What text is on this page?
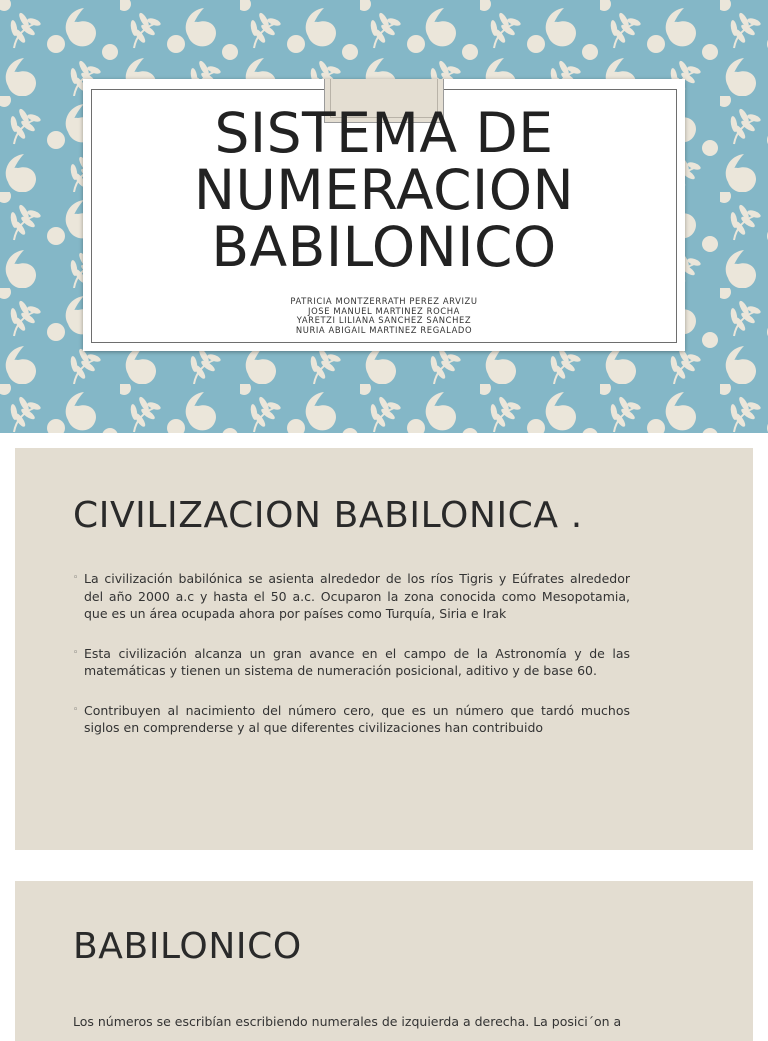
SISTEMA DE
NUMERACION
BABILONICO
PATRICIA MONTZERRATH PEREZ ARVIZU
JOSE MANUEL MARTINEZ ROCHA
YARETZI LILIANA SANCHEZ SANCHEZ
NURIA ABIGAIL MARTINEZ REGALADO
CIVILIZACION BABILONICA .
◦ La civilización babilónica se asienta alrededor de los ríos Tigris y Eúfrates alrededor del año 2000 a.c y hasta el 50 a.c. Ocuparon la zona conocida como Mesopotamia, que es un área ocupada ahora por países como Turquía, Siria e Irak
◦ Esta civilización alcanza un gran avance en el campo de la Astronomía y de las matemáticas y tienen un sistema de numeración posicional, aditivo y de base 60.
◦ Contribuyen al nacimiento del número cero, que es un número que tardó muchos siglos en comprenderse y al que diferentes civilizaciones han contribuido
BABILONICO
Los números se escribían escribiendo numerales de izquierda a derecha. La posici´on a
